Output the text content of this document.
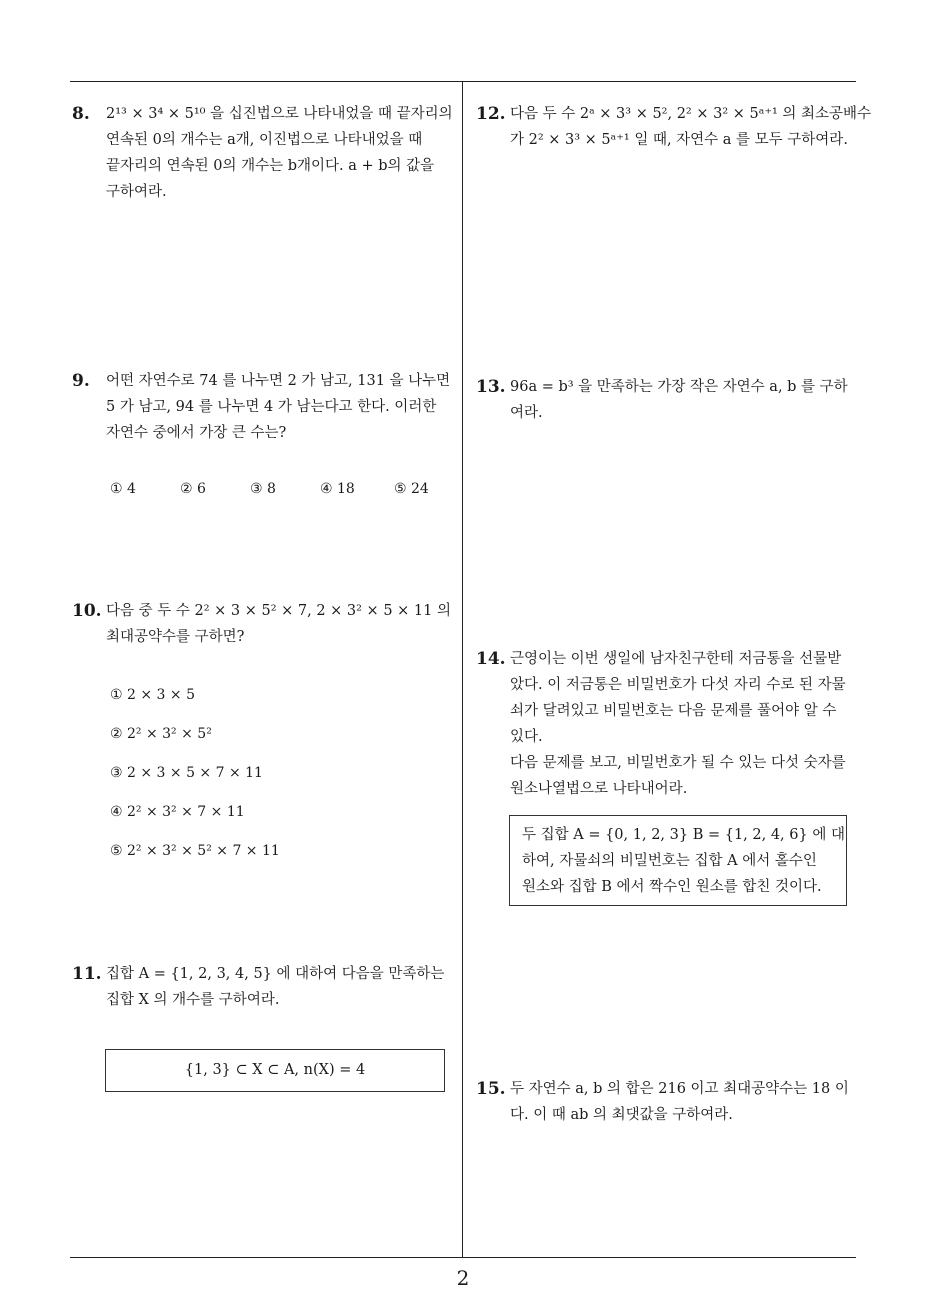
8. 2¹³ × 3⁴ × 5¹⁰ 을 십진법으로 나타내었을 때 끝자리의
연속된 0의 개수는 a개, 이진법으로 나타내었을 때
끝자리의 연속된 0의 개수는 b개이다. a + b의 값을
구하여라.
9. 어떤 자연수로 74 를 나누면 2 가 남고, 131 을 나누면
5 가 남고, 94 를 나누면 4 가 남는다고 한다. 이러한
자연수 중에서 가장 큰 수는?
① 4	② 6	③ 8	④ 18	⑤ 24
10. 다음 중 두 수 2² × 3 × 5² × 7, 2 × 3² × 5 × 11 의
최대공약수를 구하면?
① 2 × 3 × 5
② 2² × 3² × 5²
③ 2 × 3 × 5 × 7 × 11
④ 2² × 3² × 7 × 11
⑤ 2² × 3² × 5² × 7 × 11
11. 집합 A = {1, 2, 3, 4, 5} 에 대하여 다음을 만족하는
집합 X 의 개수를 구하여라.
{1, 3} ⊂ X ⊂ A, n(X) = 4
12. 다음 두 수 2ᵃ × 3³ × 5², 2² × 3² × 5ᵃ⁺¹ 의 최소공배수
가 2² × 3³ × 5ᵃ⁺¹ 일 때, 자연수 a 를 모두 구하여라.
13. 96a = b³ 을 만족하는 가장 작은 자연수 a, b 를 구하
여라.
14. 근영이는 이번 생일에 남자친구한테 저금통을 선물받
았다. 이 저금통은 비밀번호가 다섯 자리 수로 된 자물
쇠가 달려있고 비밀번호는 다음 문제를 풀어야 알 수
있다.
다음 문제를 보고, 비밀번호가 될 수 있는 다섯 숫자를
원소나열법으로 나타내어라.
두 집합 A = {0, 1, 2, 3} B = {1, 2, 4, 6} 에 대
하여, 자물쇠의 비밀번호는 집합 A 에서 홀수인
원소와 집합 B 에서 짝수인 원소를 합친 것이다.
15. 두 자연수 a, b 의 합은 216 이고 최대공약수는 18 이
다. 이 때 ab 의 최댓값을 구하여라.
2
